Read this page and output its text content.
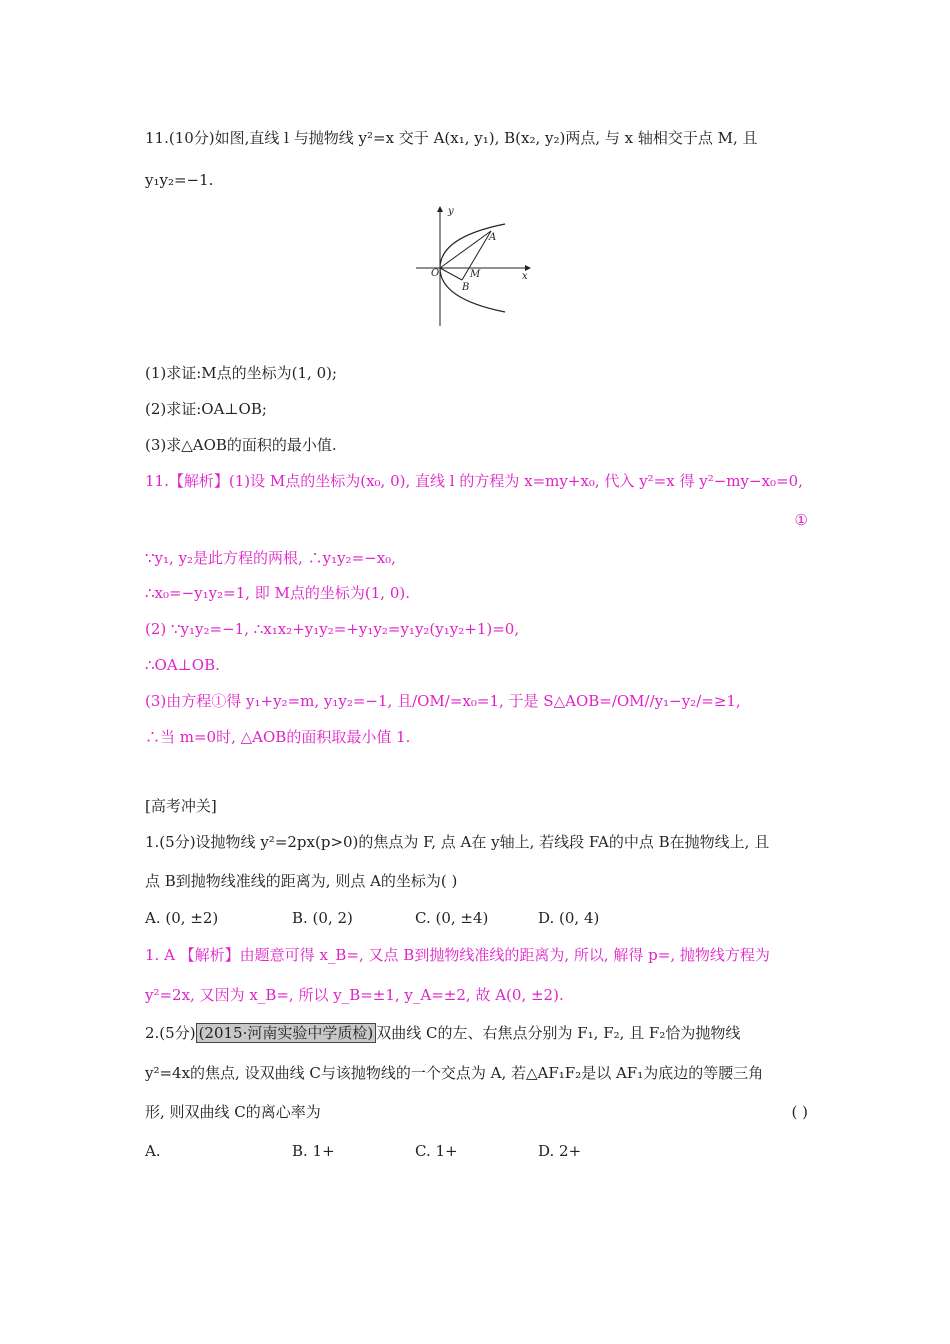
11.(10分)如图,直线 l 与抛物线 y²=x 交于 A(x₁, y₁), B(x₂, y₂)两点, 与 x 轴相交于点 M, 且
y₁y₂=−1.
y
x
O
A
M
B
(1)求证:M点的坐标为(1, 0);
(2)求证:OA⊥OB;
(3)求△AOB的面积的最小值.
11.【解析】(1)设 M点的坐标为(x₀, 0), 直线 l 的方程为 x=my+x₀, 代入 y²=x 得 y²−my−x₀=0,
①
∵y₁, y₂是此方程的两根, ∴y₁y₂=−x₀,
∴x₀=−y₁y₂=1, 即 M点的坐标为(1, 0).
(2) ∵y₁y₂=−1, ∴x₁x₂+y₁y₂=+y₁y₂=y₁y₂(y₁y₂+1)=0,
∴OA⊥OB.
(3)由方程①得 y₁+y₂=m, y₁y₂=−1, 且/OM/=x₀=1, 于是 S△AOB=/OM//y₁−y₂/=≥1,
∴当 m=0时, △AOB的面积取最小值 1.
[高考冲关]
1.(5分)设抛物线 y²=2px(p>0)的焦点为 F, 点 A在 y轴上, 若线段 FA的中点 B在抛物线上, 且
点 B到抛物线准线的距离为, 则点 A的坐标为( )
A. (0, ±2)	B. (0, 2)	C. (0, ±4)	D. (0, 4)
1. A 【解析】由题意可得 x_B=, 又点 B到抛物线准线的距离为, 所以, 解得 p=, 抛物线方程为
y²=2x, 又因为 x_B=, 所以 y_B=±1, y_A=±2, 故 A(0, ±2).
2.(5分) (2015·河南实验中学质检) 双曲线 C的左、右焦点分别为 F₁, F₂, 且 F₂恰为抛物线
y²=4x的焦点, 设双曲线 C与该抛物线的一个交点为 A, 若△AF₁F₂是以 AF₁为底边的等腰三角
形, 则双曲线 C的离心率为	( )
A.	B. 1+	C. 1+	D. 2+
